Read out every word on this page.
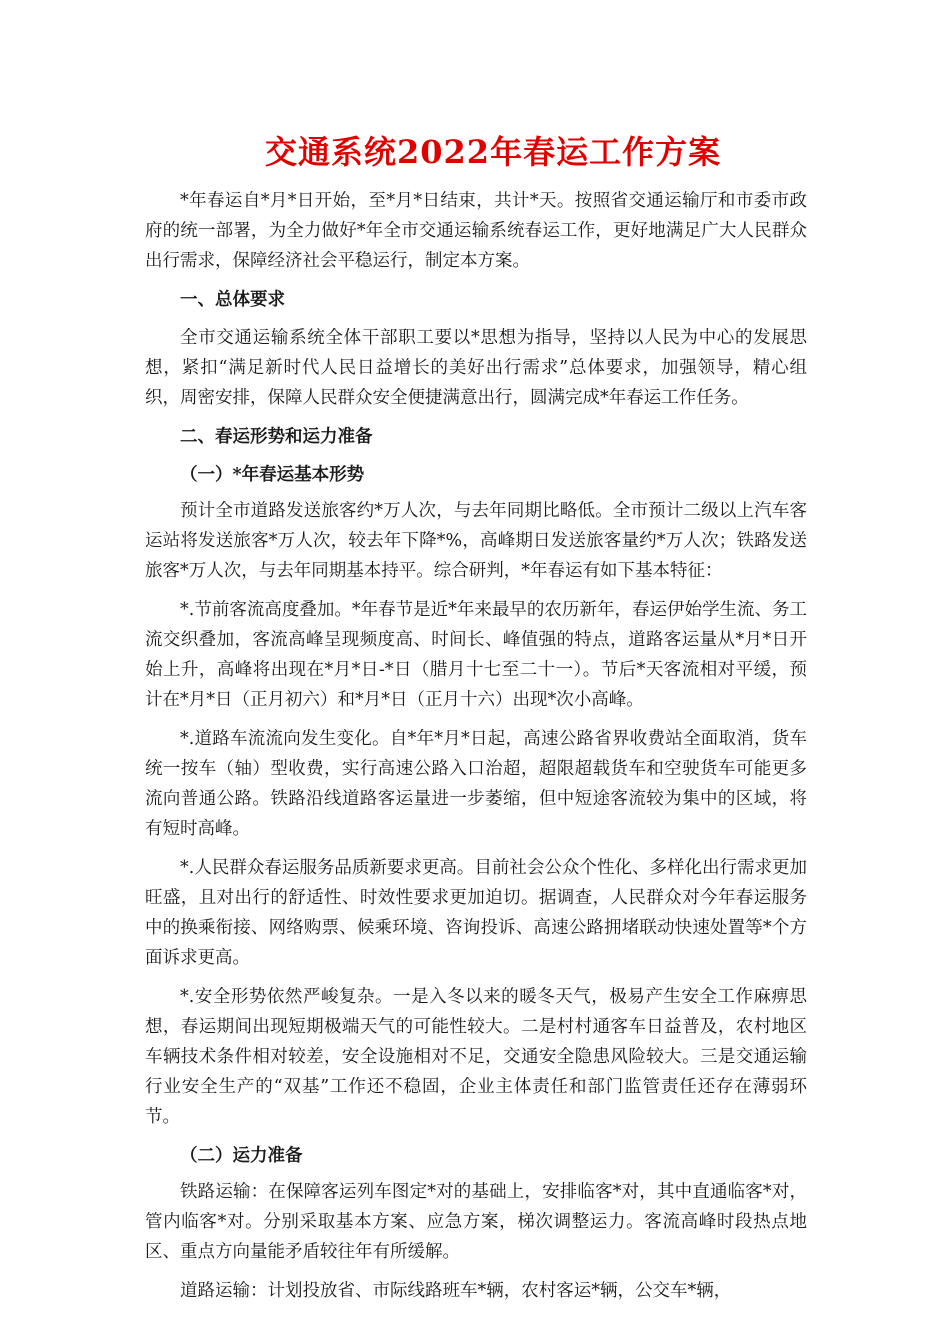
交通系统2022年春运工作方案

*年春运自*月*日开始，至*月*日结束，共计*天。按照省交通运输厅和市委市政府的统一部署，为全力做好*年全市交通运输系统春运工作，更好地满足广大人民群众出行需求，保障经济社会平稳运行，制定本方案。

一、总体要求

全市交通运输系统全体干部职工要以*思想为指导，坚持以人民为中心的发展思想，紧扣“满足新时代人民日益增长的美好出行需求”总体要求，加强领导，精心组织，周密安排，保障人民群众安全便捷满意出行，圆满完成*年春运工作任务。

二、春运形势和运力准备
（一）*年春运基本形势

预计全市道路发送旅客约*万人次，与去年同期比略低。全市预计二级以上汽车客运站将发送旅客*万人次，较去年下降*%，高峰期日发送旅客量约*万人次；铁路发送旅客*万人次，与去年同期基本持平。综合研判，*年春运有如下基本特征：

*.节前客流高度叠加。*年春节是近*年来最早的农历新年，春运伊始学生流、务工流交织叠加，客流高峰呈现频度高、时间长、峰值强的特点，道路客运量从*月*日开始上升，高峰将出现在*月*日-*日（腊月十七至二十一）。节后*天客流相对平缓，预计在*月*日（正月初六）和*月*日（正月十六）出现*次小高峰。

*.道路车流流向发生变化。自*年*月*日起，高速公路省界收费站全面取消，货车统一按车（轴）型收费，实行高速公路入口治超，超限超载货车和空驶货车可能更多流向普通公路。铁路沿线道路客运量进一步萎缩，但中短途客流较为集中的区域，将有短时高峰。

*.人民群众春运服务品质新要求更高。目前社会公众个性化、多样化出行需求更加旺盛，且对出行的舒适性、时效性要求更加迫切。据调查，人民群众对今年春运服务中的换乘衔接、网络购票、候乘环境、咨询投诉、高速公路拥堵联动快速处置等*个方面诉求更高。

*.安全形势依然严峻复杂。一是入冬以来的暖冬天气，极易产生安全工作麻痹思想，春运期间出现短期极端天气的可能性较大。二是村村通客车日益普及，农村地区车辆技术条件相对较差，安全设施相对不足，交通安全隐患风险较大。三是交通运输行业安全生产的“双基”工作还不稳固，企业主体责任和部门监管责任还存在薄弱环节。

（二）运力准备

铁路运输：在保障客运列车图定*对的基础上，安排临客*对，其中直通临客*对，管内临客*对。分别采取基本方案、应急方案，梯次调整运力。客流高峰时段热点地区、重点方向量能矛盾较往年有所缓解。

道路运输：计划投放省、市际线路班车*辆，农村客运*辆，公交车*辆，
